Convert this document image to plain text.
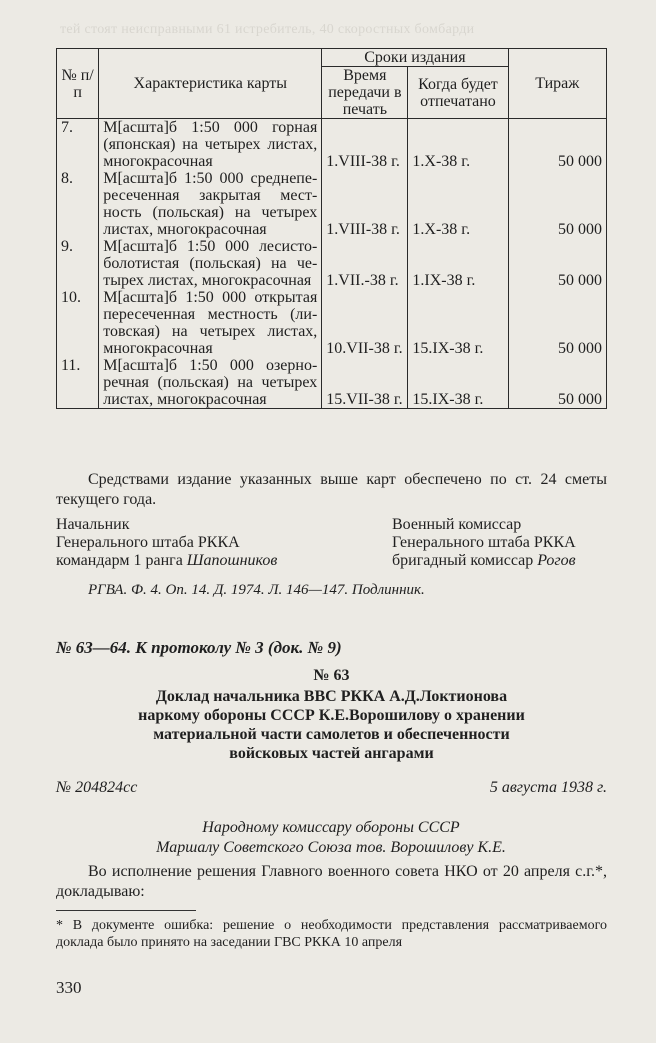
тей стоят неисправными 61 истребитель, 40 скоростных бомбарди
№ п/п	Характеристика карты	Сроки издания		Тираж
		Время передачи в печать	Когда будет отпечатано	
7.	М[асшта]б 1:50 000 горная (японская) на четырех листах, многокрасочная	1.VIII-38 г.	1.X-38 г.	50 000
8.	М[асшта]б 1:50 000 среднепересеченная закрытая местность (польская) на четырех листах, многокрасочная	1.VIII-38 г.	1.X-38 г.	50 000
9.	М[асшта]б 1:50 000 лесисто-болотистая (польская) на четырех листах, многокрасочная	1.VII.-38 г.	1.IX-38 г.	50 000
10.	М[асшта]б 1:50 000 открытая пересеченная местность (литовская) на четырех листах, многокрасочная	10.VII-38 г.	15.IX-38 г.	50 000
11.	М[асшта]б 1:50 000 озерно-речная (польская) на четырех листах, многокрасочная	15.VII-38 г.	15.IX-38 г.	50 000
Средствами издание указанных выше карт обеспечено по ст. 24 сметы текущего года.
Начальник
Генерального штаба РККА
командарм 1 ранга Шапошников
Военный комиссар
Генерального штаба РККА
бригадный комиссар Рогов
РГВА. Ф. 4. Оп. 14. Д. 1974. Л. 146—147. Подлинник.
№ 63—64. К протоколу № 3 (док. № 9)
№ 63
Доклад начальника ВВС РККА А.Д.Локтионова
наркому обороны СССР К.Е.Ворошилову о хранении
материальной части самолетов и обеспеченности
войсковых частей ангарами
№ 204824сс	5 августа 1938 г.
Народному комиссару обороны СССР
Маршалу Советского Союза тов. Ворошилову К.Е.
Во исполнение решения Главного военного совета НКО от 20 апреля с.г.*, докладываю:
* В документе ошибка: решение о необходимости представления рассматриваемого доклада было принято на заседании ГВС РККА 10 апреля
330
